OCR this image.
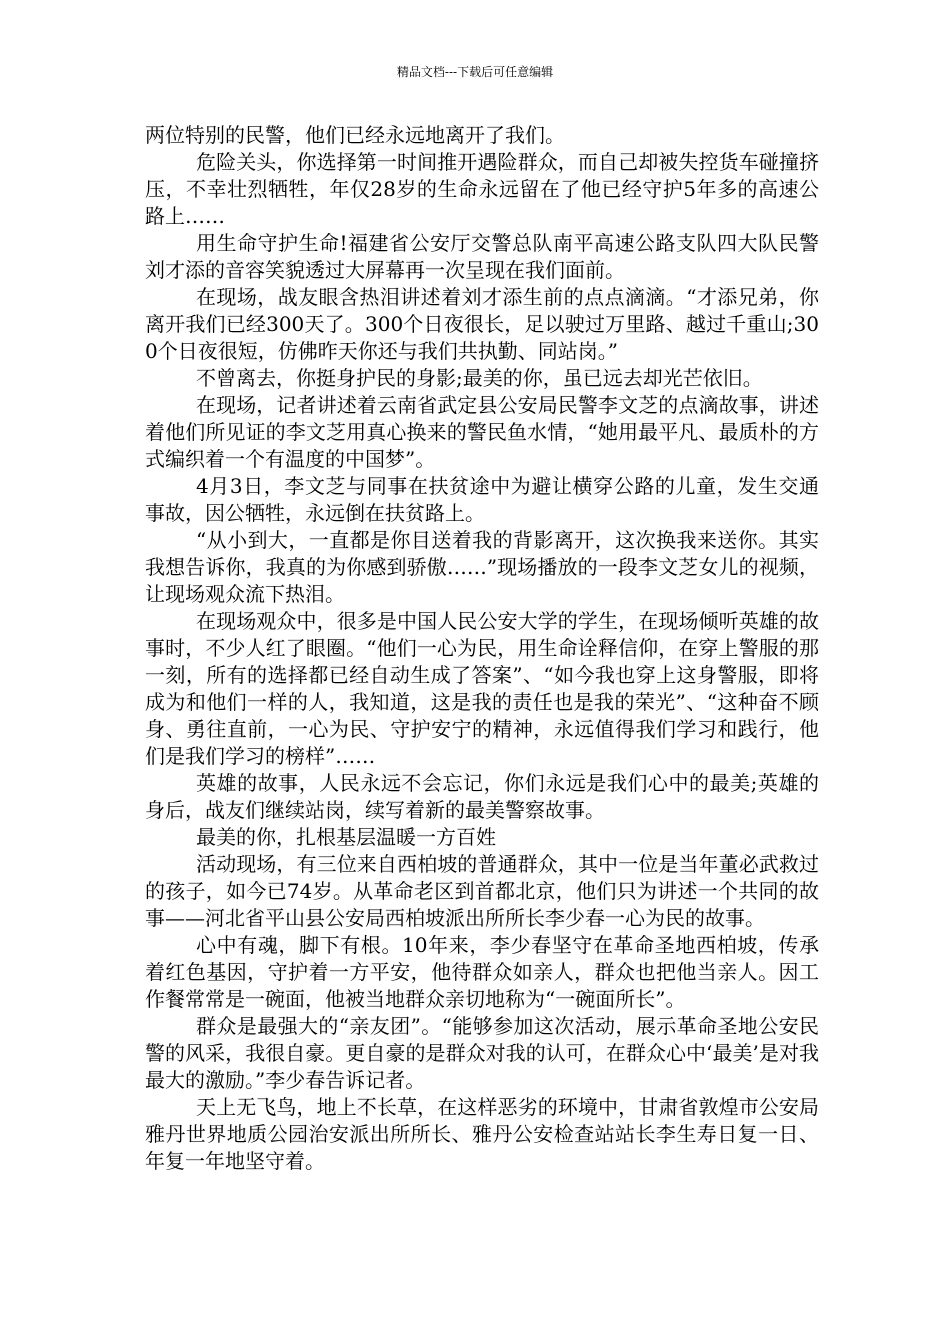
精品文档---下载后可任意编辑

两位特别的民警，他们已经永远地离开了我们。

危险关头，你选择第一时间推开遇险群众，而自己却被失控货车碰撞挤压，不幸壮烈牺牲，年仅28岁的生命永远留在了他已经守护5年多的高速公路上……

用生命守护生命!福建省公安厅交警总队南平高速公路支队四大队民警刘才添的音容笑貌透过大屏幕再一次呈现在我们面前。

在现场，战友眼含热泪讲述着刘才添生前的点点滴滴。“才添兄弟，你离开我们已经300天了。300个日夜很长，足以驶过万里路、越过千重山;300个日夜很短，仿佛昨天你还与我们共执勤、同站岗。”

不曾离去，你挺身护民的身影;最美的你，虽已远去却光芒依旧。

在现场，记者讲述着云南省武定县公安局民警李文芝的点滴故事，讲述着他们所见证的李文芝用真心换来的警民鱼水情，“她用最平凡、最质朴的方式编织着一个有温度的中国梦”。

4月3日，李文芝与同事在扶贫途中为避让横穿公路的儿童，发生交通事故，因公牺牲，永远倒在扶贫路上。

“从小到大，一直都是你目送着我的背影离开，这次换我来送你。其实我想告诉你，我真的为你感到骄傲……”现场播放的一段李文芝女儿的视频，让现场观众流下热泪。

在现场观众中，很多是中国人民公安大学的学生，在现场倾听英雄的故事时，不少人红了眼圈。“他们一心为民，用生命诠释信仰，在穿上警服的那一刻，所有的选择都已经自动生成了答案”、“如今我也穿上这身警服，即将成为和他们一样的人，我知道，这是我的责任也是我的荣光”、“这种奋不顾身、勇往直前，一心为民、守护安宁的精神，永远值得我们学习和践行，他们是我们学习的榜样”……

英雄的故事，人民永远不会忘记，你们永远是我们心中的最美;英雄的身后，战友们继续站岗，续写着新的最美警察故事。

最美的你，扎根基层温暖一方百姓

活动现场，有三位来自西柏坡的普通群众，其中一位是当年董必武救过的孩子，如今已74岁。从革命老区到首都北京，他们只为讲述一个共同的故事——河北省平山县公安局西柏坡派出所所长李少春一心为民的故事。

心中有魂，脚下有根。10年来，李少春坚守在革命圣地西柏坡，传承着红色基因，守护着一方平安，他待群众如亲人，群众也把他当亲人。因工作餐常常是一碗面，他被当地群众亲切地称为“一碗面所长”。

群众是最强大的“亲友团”。“能够参加这次活动，展示革命圣地公安民警的风采，我很自豪。更自豪的是群众对我的认可，在群众心中‘最美’是对我最大的激励。”李少春告诉记者。

天上无飞鸟，地上不长草，在这样恶劣的环境中，甘肃省敦煌市公安局雅丹世界地质公园治安派出所所长、雅丹公安检查站站长李生寿日复一日、年复一年地坚守着。
